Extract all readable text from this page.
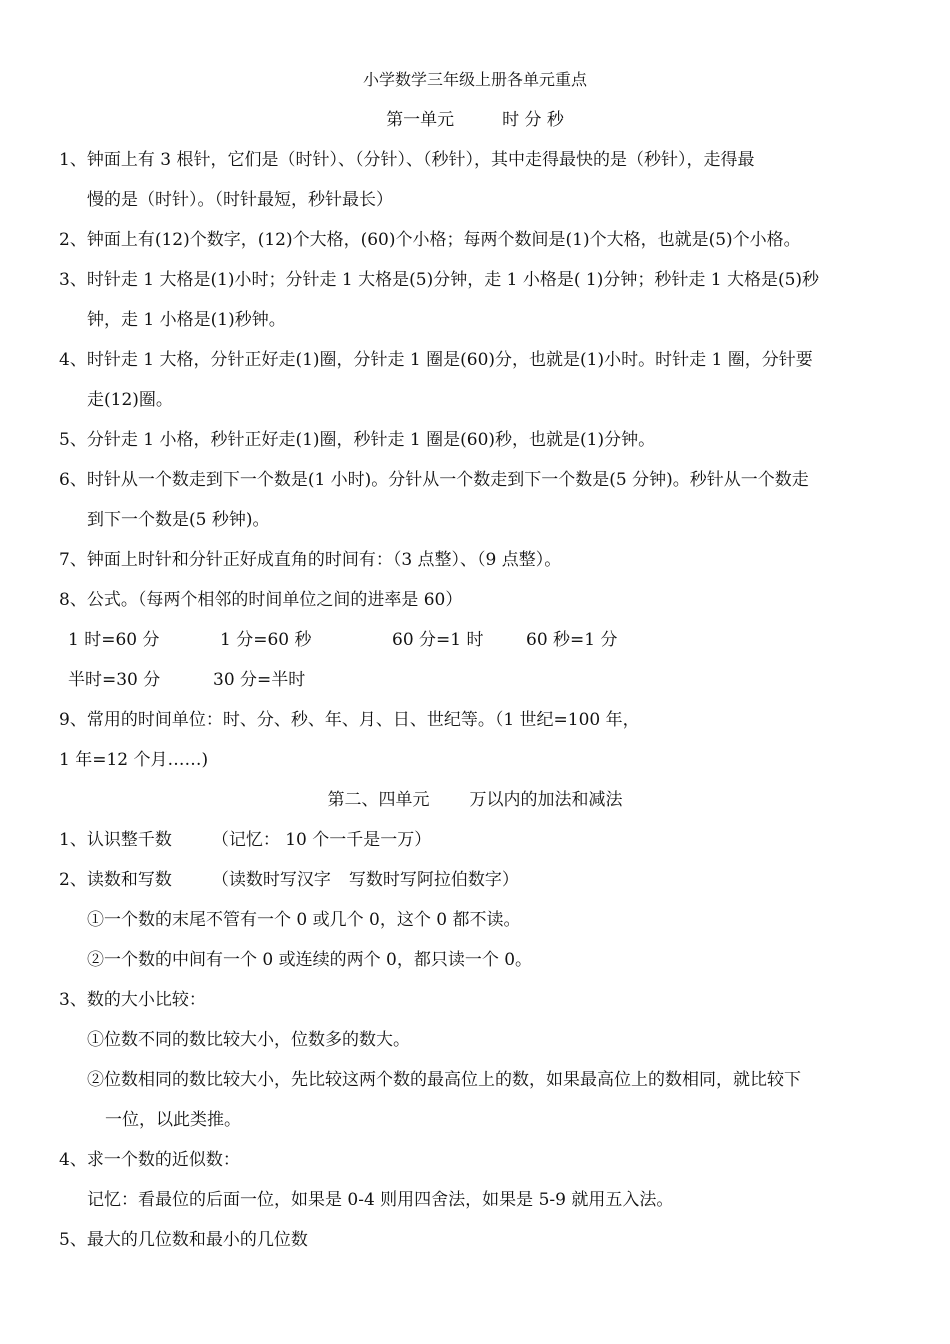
小学数学三年级上册各单元重点
第一单元	时 分 秒
1、钟面上有 3 根针，它们是（时针）、（分针）、（秒针），其中走得最快的是（秒针），走得最
慢的是（时针）。（时针最短，秒针最长）
2、钟面上有(12)个数字，(12)个大格，(60)个小格；每两个数间是(1)个大格，也就是(5)个小格。
3、时针走 1 大格是(1)小时；分针走 1 大格是(5)分钟，走 1 小格是( 1)分钟；秒针走 1 大格是(5)秒
钟，走 1 小格是(1)秒钟。
4、时针走 1 大格，分针正好走(1)圈，分针走 1 圈是(60)分，也就是(1)小时。时针走 1 圈，分针要
走(12)圈。
5、分针走 1 小格，秒针正好走(1)圈，秒针走 1 圈是(60)秒，也就是(1)分钟。
6、时针从一个数走到下一个数是(1 小时)。分针从一个数走到下一个数是(5 分钟)。秒针从一个数走
到下一个数是(5 秒钟)。
7、钟面上时针和分针正好成直角的时间有：（3 点整）、（9 点整）。
8、公式。（每两个相邻的时间单位之间的进率是 60）
1 时=60 分	1 分=60 秒	60 分=1 时	60 秒=1 分
半时=30 分	30 分=半时
9、常用的时间单位：时、分、秒、年、月、日、世纪等。（1 世纪=100 年，
1 年=12 个月……)
第二、四单元 万以内的加法和减法
1、认识整千数 （记忆： 10 个一千是一万）
2、读数和写数 （读数时写汉字 写数时写阿拉伯数字）
①一个数的末尾不管有一个 0 或几个 0，这个 0 都不读。
②一个数的中间有一个 0 或连续的两个 0，都只读一个 0。
3、数的大小比较：
①位数不同的数比较大小，位数多的数大。
②位数相同的数比较大小，先比较这两个数的最高位上的数，如果最高位上的数相同，就比较下
一位，以此类推。
4、求一个数的近似数：
记忆：看最位的后面一位，如果是 0-4 则用四舍法，如果是 5-9 就用五入法。
5、最大的几位数和最小的几位数
